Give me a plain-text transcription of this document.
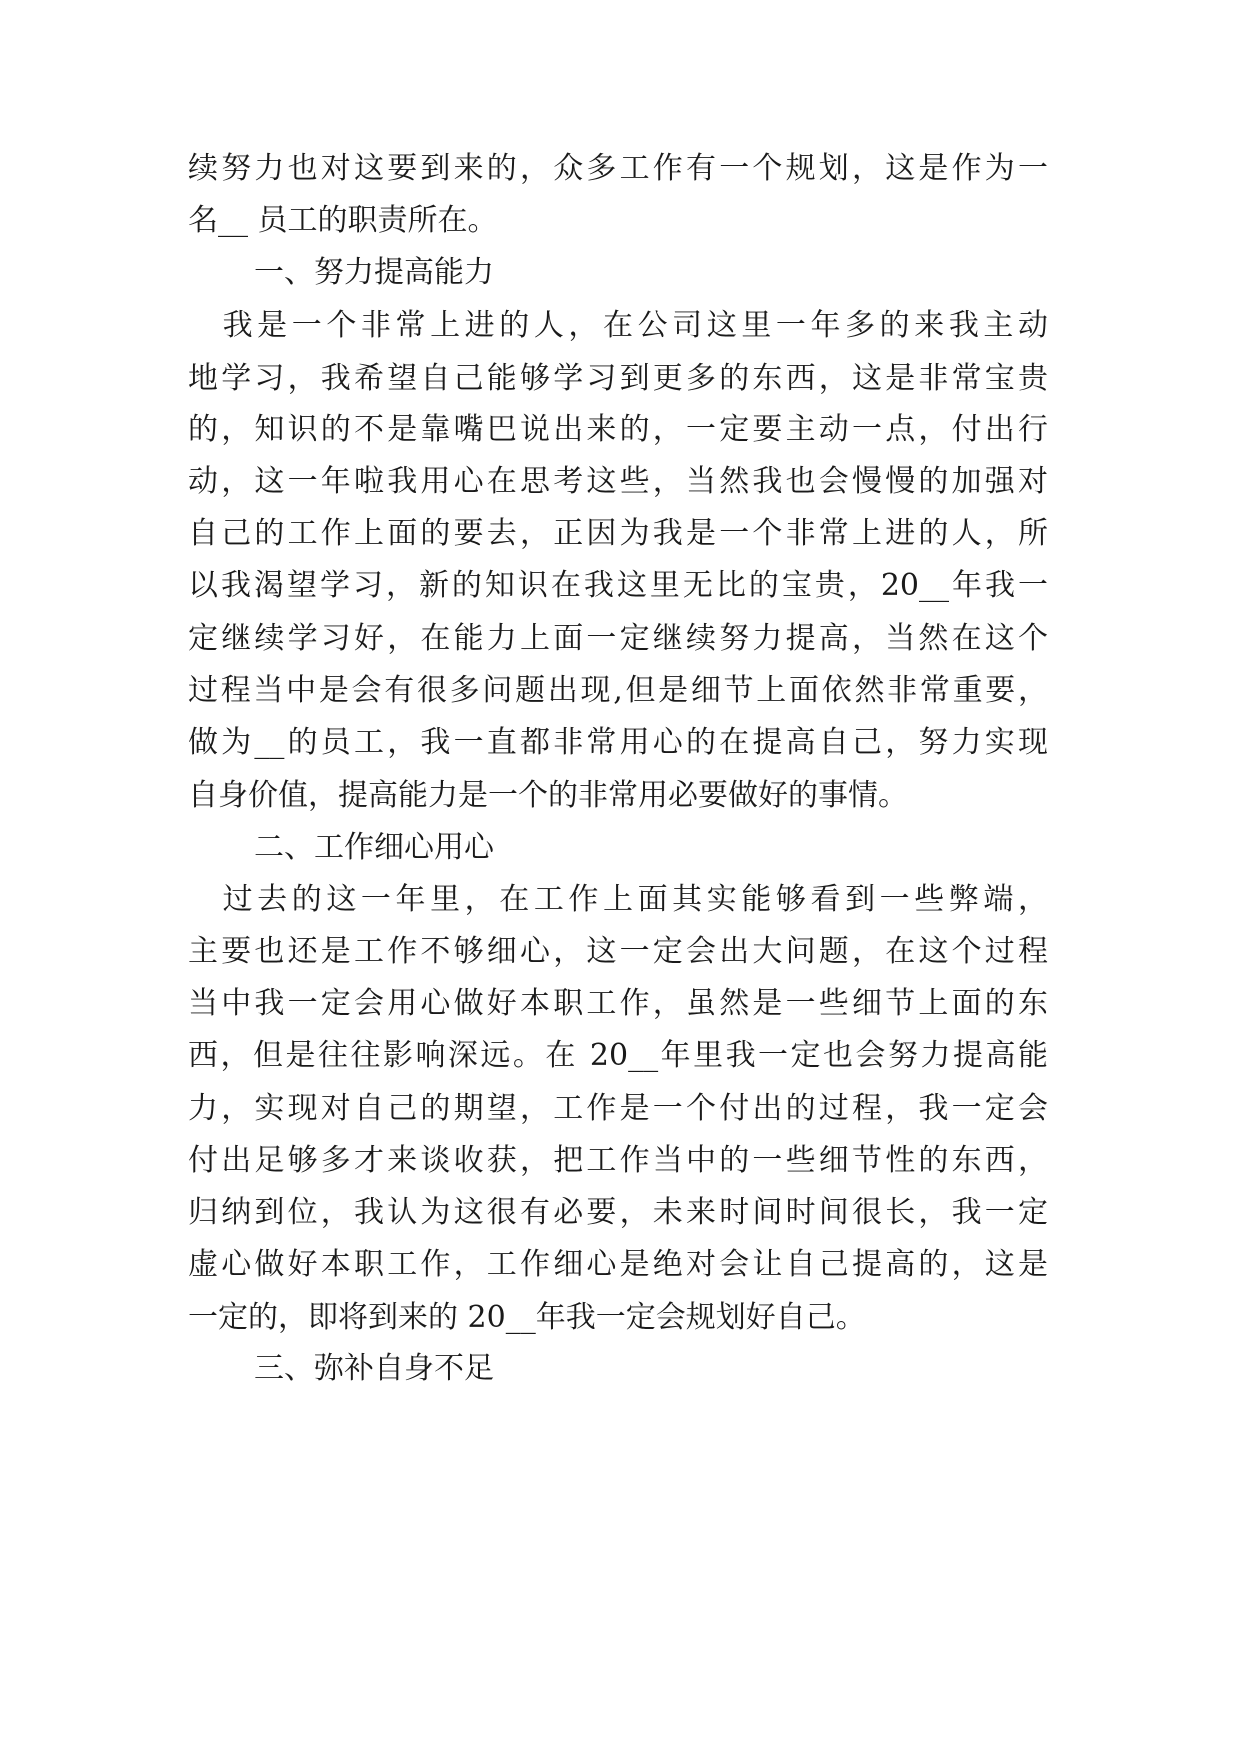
续努力也对这要到来的，众多工作有一个规划，这是作为一
名__ 员工的职责所在。
一、努力提高能力
　我是一个非常上进的人，在公司这里一年多的来我主动
地学习，我希望自己能够学习到更多的东西，这是非常宝贵
的，知识的不是靠嘴巴说出来的，一定要主动一点，付出行
动，这一年啦我用心在思考这些，当然我也会慢慢的加强对
自己的工作上面的要去，正因为我是一个非常上进的人，所
以我渴望学习，新的知识在我这里无比的宝贵，20__年我一
定继续学习好，在能力上面一定继续努力提高，当然在这个
过程当中是会有很多问题出现,但是细节上面依然非常重要，
做为__的员工，我一直都非常用心的在提高自己，努力实现
自身价值，提高能力是一个的非常用必要做好的事情。
二、工作细心用心
　过去的这一年里，在工作上面其实能够看到一些弊端，
主要也还是工作不够细心，这一定会出大问题，在这个过程
当中我一定会用心做好本职工作，虽然是一些细节上面的东
西，但是往往影响深远。在 20__年里我一定也会努力提高能
力，实现对自己的期望，工作是一个付出的过程，我一定会
付出足够多才来谈收获，把工作当中的一些细节性的东西，
归纳到位，我认为这很有必要，未来时间时间很长，我一定
虚心做好本职工作，工作细心是绝对会让自己提高的，这是
一定的，即将到来的 20__年我一定会规划好自己。
三、弥补自身不足
